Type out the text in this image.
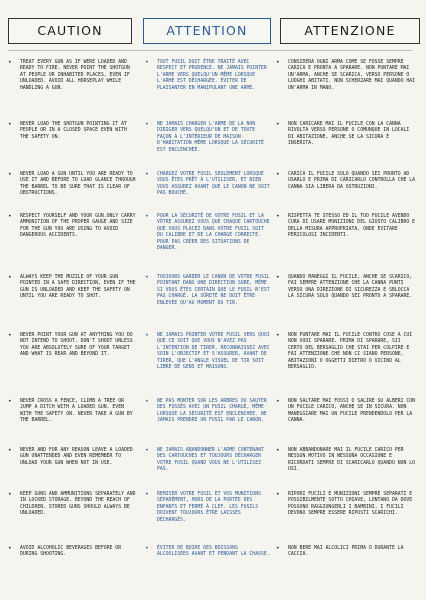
CAUTION	ATTENTION	ATTENZIONE
• TREAT EVERY GUN AS IF WERE LOADED AND READY TO FIRE. NEVER POINT THE SHOTGUN AT PEOPLE OR INHABITED PLACES, EVEN IF UNLOADED. AVOID ALL HORSEPLAY WHILE HANDLING A GUN.
• TOUT FUSIL DOIT ÊTRE TRAITÉ AVEC RESPECT ET PRUDENCE. NE JAMAIS POINTER L'ARME VERS QUELQU'UN MÊME LORSQUE L'ARME EST DÉCHARGÉE. ÉVITER DE PLAISANTER EN MANIPULANT UNE ARME.
• CONSIDERA OGNI ARMA COME SE FOSSE SEMPRE CARICA E PRONTA A SPARARE. NON PUNTARE MAI UN'ARMA, ANCHE SE SCARICA, VERSO PERSONE O LUOGHI ABITATI. NON SCHERZARE MAI QUANDO HAI UN'ARMA IN MANO.
• NEVER LOAD THE SHOTGUN POINTING IT AT PEOPLE OR IN A CLOSED SPACE EVEN WITH THE SAFETY ON.
• NE JAMAIS CHARGER L'ARME DE LA NON DIRIGER VERS QUELQU'UN ET DE TOUTE FAÇON À L'INTÉRIEUR DE MAISON D'HABITATION MÊME LORSQUE LA SÉCURITÉ EST ENCLENCHÉE.
• NON CARICARE MAI IL FUCILE CON LA CANNA RIVOLTA VERSO PERSONE O COMUNQUE IN LOCALI DI ABITAZIONE, ANCHE SE LA SICURA È INSERITA.
• NEVER LOAD A GUN UNTIL YOU ARE READY TO USE IT AND BEFORE TO LOAD GLANCE THROUGH THE BARREL TO BE SURE THAT IS CLEAR OF OBSTRUCTIONS.
• CHARGEZ VOTRE FUSIL SEULEMENT LORSQUE VOUS ÊTES PRÊT À L'UTILISER, ET BIEN VOUS ASSUREZ AVANT QUE LE CANON NE SOIT PAS BOUCHÉ.
• CARICA IL FUCILE SOLO QUANDO SEI PRONTO AD USARLO E PRIMA DI CARICARLO CONTROLLA CHE LA CANNA SIA LIBERA DA OSTRUZIONI.
• RESPECT YOURSELF AND YOUR GUN.ONLY CARRY AMMUNITION OF THE PROPER GAUGE AND SIZE FOR THE GUN YOU ARE USING TO AVOID DANGEROUS ACCIDENTS.
• POUR LA SÉCURITÉ DE VOTRE FUSIL ET LA VÔTRE ASSUREZ VOUS QUE CHAQUE CARTOUCHE QUE VOUS PLACEZ DANS VOTRE FUSIL SOIT DU CALIBRE ET DE LA CHARGE CORRECTE. POUR PAS CRÉER DES SITUATIONS DE DANGER.
• RISPETTA TE STESSO ED IL TUO FUCILE AVENDO CURA DI USARE MUNIZIONI DEL GIUSTO CALIBRO E DELLA MISURA APPROPRIATA, ONDE EVITARE PERICOLOSI INCIDENTI.
• ALWAYS KEEP THE MUZZLE OF YOUR GUN POINTED IN A SAFE DIRECTION, EVEN IF THE GUN IS UNLOADED AND KEEP THE SAFETY ON UNTIL YOU ARE READY TO SHOT.
• TOUJOURS GARDER LE CANON DE VOTRE FUSIL POINTANT DANS UNE DIRECTION SURE, MÊME SI VOUS ÊTES CERTAIN QUE LE FUSIL N'EST PAS CHARGÉ. LA SÛRETÉ NE DOIT ÊTRE ENLEVÉE QU'AU MOMENT DU TIR.
• QUANDO MANEGGI IL FUCILE, ANCHE SE SCARICO, FAI SEMPRE ATTENZIONE CHE LA CANNA PUNTI VERSO UNA DIREZIONE DI SICUREZZA E SBLOCCA LA SICURA SOLO QUANDO SEI PRONTO A SPARARE.
• NEVER POINT YOUR GUN AT ANYTHING YOU DO NOT INTEND TO SHOOT. DON'T SHOOT UNLESS YOU ARE ABSOLUTELY SURE OF YOUR TARGET AND WHAT IS REAR AND BEYOND IT.
• NE JAMAIS POINTER VOTRE FUSIL VERS QUOI QUE CE SOIT QUE VOUS N'AVEZ PAS L'INTENTION DE TIRER. RECONNAISSEZ AVEC SOIN L'OBJECTIF ET S'ASSURER, AVANT DE TIRER, QUE L'ANGLE VISUEL DE TIR SOIT LIBRE DE GENS ET MAISONS.
• NON PUNTARE MAI IL FUCILE CONTRO COSE A CUI NON VUOI SPARARE. PRIMA DI SPARARE, SII CERTO DEL BERSAGLIO CHE STAI PER COLPIRE E FAI ATTENZIONE CHE NON CI SIANO PERSONE, ABITAZIONI O OGGETTI DIETRO O VICINO AL BERSAGLIO.
• NEVER CROSS A FENCE, CLIMB A TREE OR JUMP A DITCH WITH A LOADED GUN. EVEN WITH THE SAFETY ON. NEVER TAKE A GUN BY THE BARREL.
• NE PAS MONTER SUR LES ARBRES OU SAUTER DES FOSSÉS AVEC UN FUSIL CHARGÉ, MÊME LORSQUE LA SÉCURITÉ EST ENCLENCHÉE. NE JAMAIS PRENDRE UN FUSIL PAR LE CANON.
• NON SALTARE MAI FOSSI O SALIRE SU ALBERI CON UN FUCILE CARICO, ANCHE SE IN SICURA. NON MANEGGIARE MAI UN FUCILE PRENDENDOLO PER LA CANNA.
• NEVER AND FOR ANY REASON LEAVE A LOADED GUN UNATTENDED AND EVEN REMEMBER TO UNLOAD YOUR GUN WHEN NOT IN USE.
• NE JAMAIS ABANDONNER L'ARME CONTENANT DES CARTOUCHES ET TOUJOURS DÉCHARGER VOTRE FUSIL QUAND VOUS NE L'UTILISEZ PAS.
• NON ABBANDONARE MAI IL FUCILE CARICO PER NESSUN MOTIVO IN NESSUNA OCCASIONE E RICORDATI SEMPRE DI SCARICARLO QUANDO NON LO USI.
• KEEP GUNS AND AMMUNITIONS SEPARATELY AND IN LOCKED STORAGE. BEYOND THE REACH OF CHILDREN. STORED GUNS SHOULD ALWAYS BE UNLOADED.
• REMISER VOTRE FUSIL ET VOS MUNITIONS SÉPARÉMENT, HORS DE LA PORTÉE DES ENFANTS ET FERMÉ À CLEF. LES FUSILS DOIVENT TOUJOURS ÊTRE LAISSÉS DÉCHARGÉS.
• RIPORI FUCILI E MUNIZIONI SEMPRE SEPARATI E POSSIBILMENTE SOTTO CHIAVE, LONTANO DA DOVE POSSONO RAGGIUNGERLI I BAMBINI. I FUCILI DEVONO SEMPRE ESSERE RIPOSTI SCARICHI.
• AVOID ALCOHOLIC BEVERAGES BEFORE OR DURING SHOOTING.
• ÉVITER DE BOIRE DES BOISSONS ALCOOLISÉES AVANT ET PENDANT LA CHASSE.
• NON BERE MAI ALCOLICI PRIMA O DURANTE LA CACCIA.
